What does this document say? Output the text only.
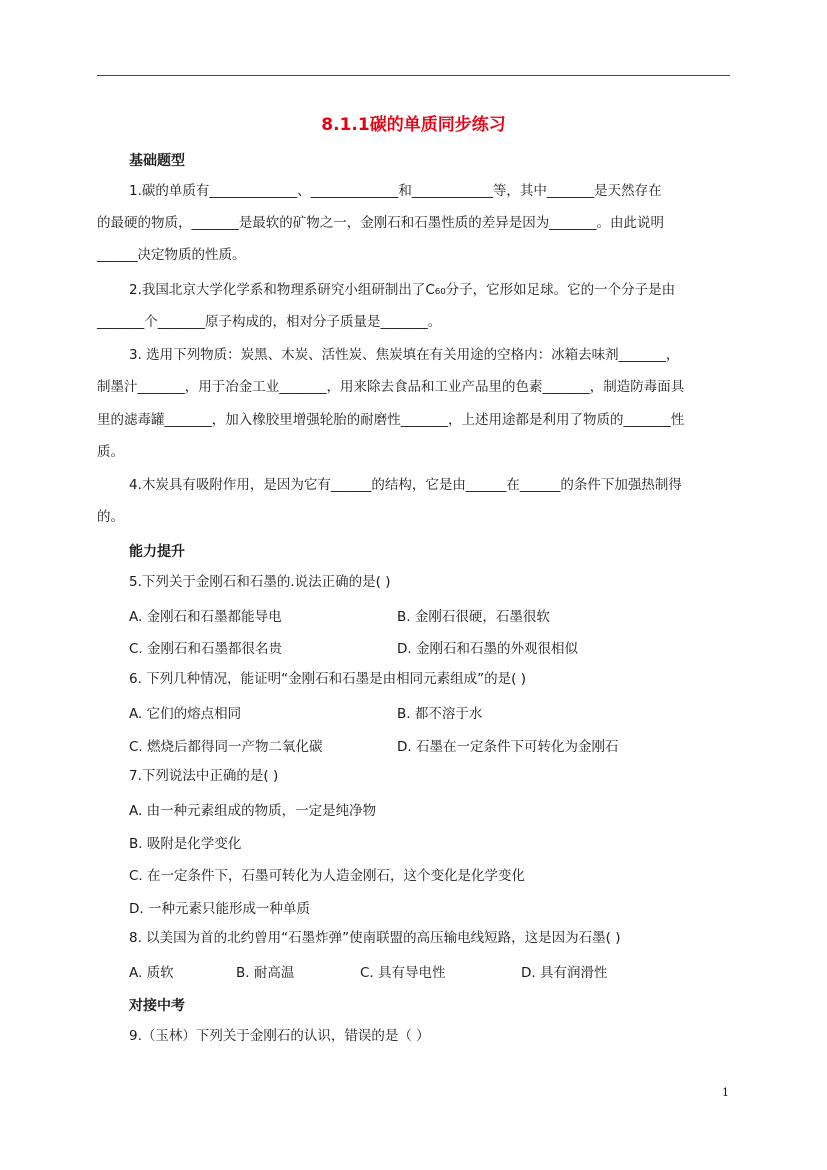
8.1.1碳的单质同步练习
基础题型
1.碳的单质有_____________、_____________和____________等，其中_______是天然存在
的最硬的物质，_______是最软的矿物之一，金刚石和石墨性质的差异是因为_______。由此说明
______决定物质的性质。
2.我国北京大学化学系和物理系研究小组研制出了C₆₀分子，它形如足球。它的一个分子是由
_______个_______原子构成的，相对分子质量是_______。
3. 选用下列物质：炭黑、木炭、活性炭、焦炭填在有关用途的空格内：冰箱去味剂_______，
制墨汁_______，用于冶金工业_______，用来除去食品和工业产品里的色素_______，制造防毒面具
里的滤毒罐_______，加入橡胶里增强轮胎的耐磨性_______，上述用途都是利用了物质的_______性
质。
4.木炭具有吸附作用，是因为它有______的结构，它是由______在______的条件下加强热制得
的。
能力提升
5.下列关于金刚石和石墨的.说法正确的是( )
A. 金刚石和石墨都能导电	B. 金刚石很硬，石墨很软
C. 金刚石和石墨都很名贵	D. 金刚石和石墨的外观很相似
6. 下列几种情况，能证明“金刚石和石墨是由相同元素组成”的是( )
A. 它们的熔点相同	B. 都不溶于水
C. 燃烧后都得同一产物二氧化碳	D. 石墨在一定条件下可转化为金刚石
7.下列说法中正确的是( )
A. 由一种元素组成的物质，一定是纯净物
B. 吸附是化学变化
C. 在一定条件下，石墨可转化为人造金刚石，这个变化是化学变化
D. 一种元素只能形成一种单质
8. 以美国为首的北约曾用“石墨炸弹”使南联盟的高压输电线短路，这是因为石墨( )
A. 质软	B. 耐高温	C. 具有导电性	D. 具有润滑性
对接中考
9.（玉林）下列关于金刚石的认识，错误的是（ ）
1
